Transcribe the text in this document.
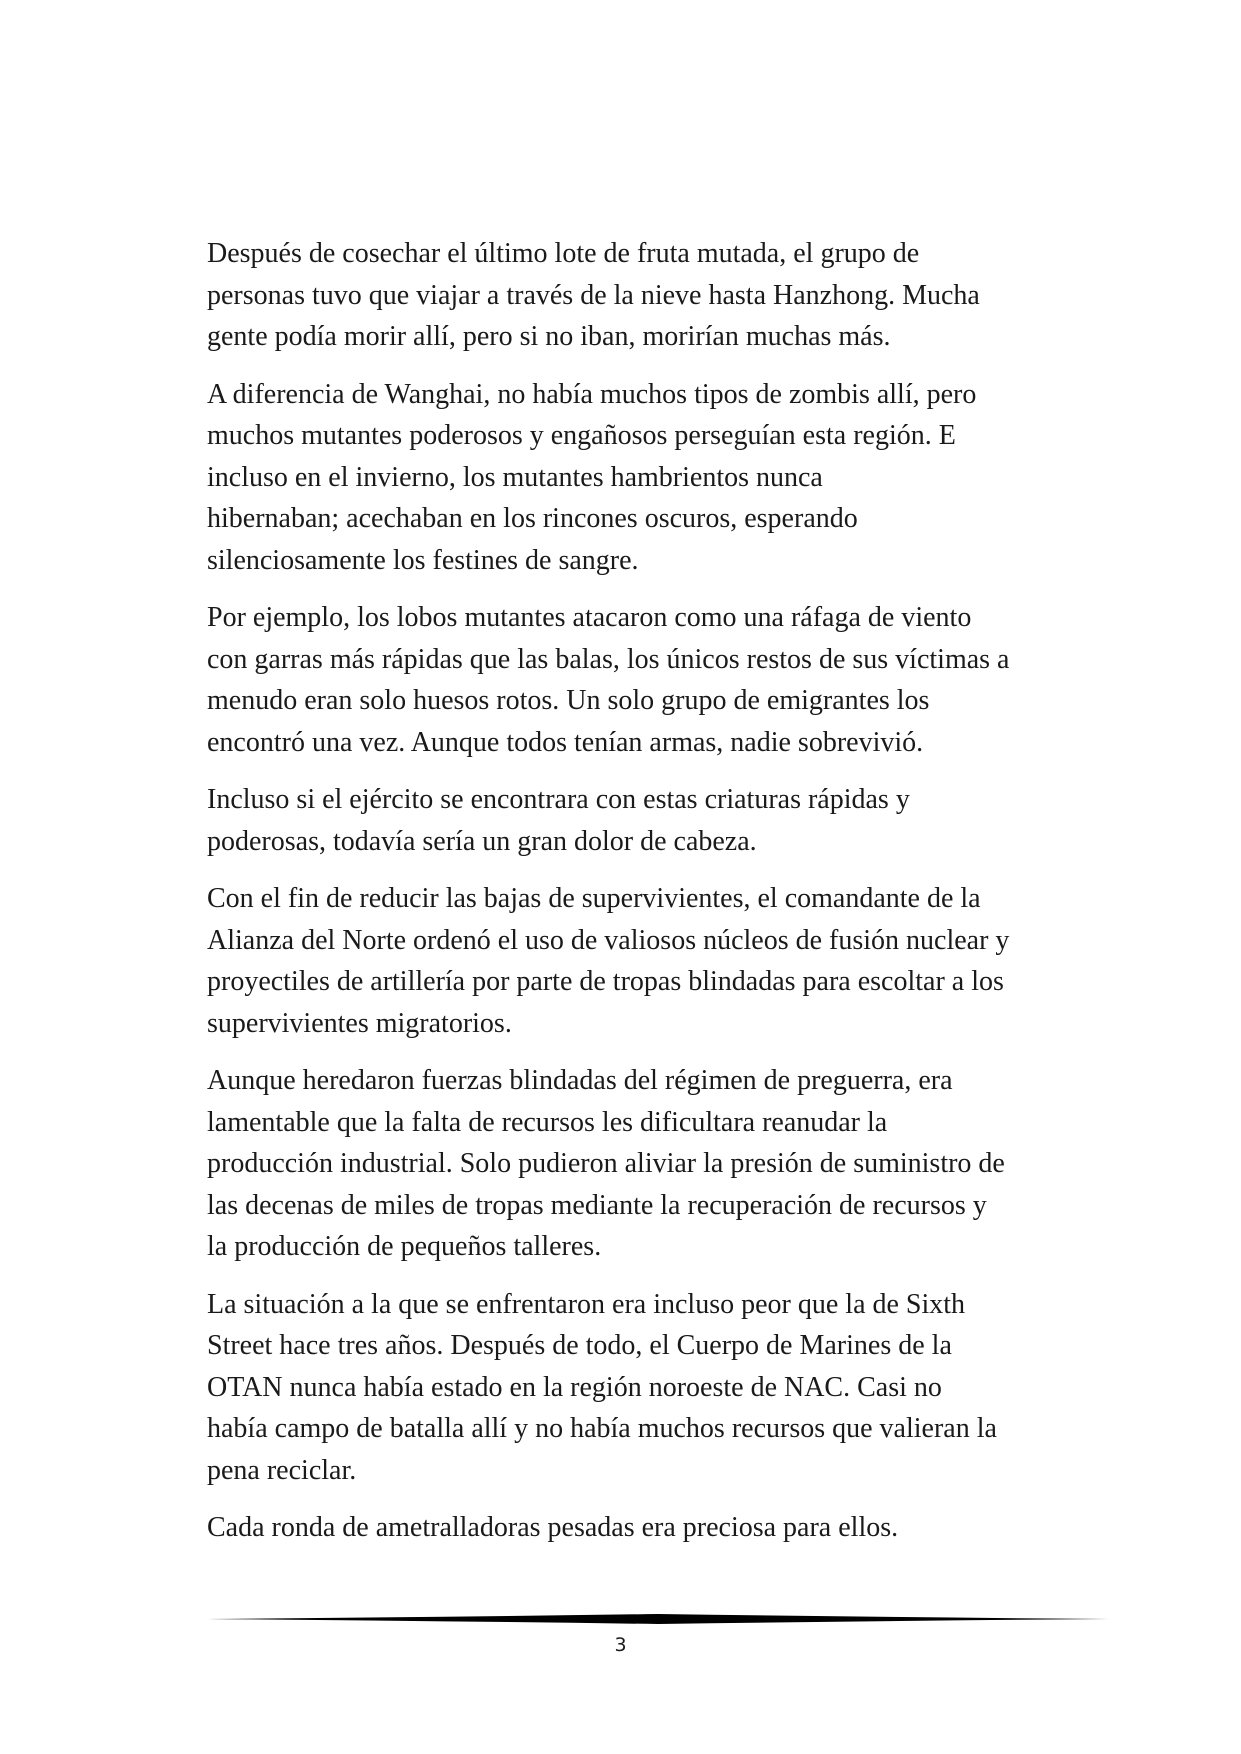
Después de cosechar el último lote de fruta mutada, el grupo de
personas tuvo que viajar a través de la nieve hasta Hanzhong. Mucha
gente podía morir allí, pero si no iban, morirían muchas más.

A diferencia de Wanghai, no había muchos tipos de zombis allí, pero
muchos mutantes poderosos y engañosos perseguían esta región. E
incluso en el invierno, los mutantes hambrientos nunca
hibernaban; acechaban en los rincones oscuros, esperando
silenciosamente los festines de sangre.

Por ejemplo, los lobos mutantes atacaron como una ráfaga de viento
con garras más rápidas que las balas, los únicos restos de sus víctimas a
menudo eran solo huesos rotos. Un solo grupo de emigrantes los
encontró una vez. Aunque todos tenían armas, nadie sobrevivió.

Incluso si el ejército se encontrara con estas criaturas rápidas y
poderosas, todavía sería un gran dolor de cabeza.

Con el fin de reducir las bajas de supervivientes, el comandante de la
Alianza del Norte ordenó el uso de valiosos núcleos de fusión nuclear y
proyectiles de artillería por parte de tropas blindadas para escoltar a los
supervivientes migratorios.

Aunque heredaron fuerzas blindadas del régimen de preguerra, era
lamentable que la falta de recursos les dificultara reanudar la
producción industrial. Solo pudieron aliviar la presión de suministro de
las decenas de miles de tropas mediante la recuperación de recursos y
la producción de pequeños talleres.

La situación a la que se enfrentaron era incluso peor que la de Sixth
Street hace tres años. Después de todo, el Cuerpo de Marines de la
OTAN nunca había estado en la región noroeste de NAC. Casi no
había campo de batalla allí y no había muchos recursos que valieran la
pena reciclar.

Cada ronda de ametralladoras pesadas era preciosa para ellos.

3
